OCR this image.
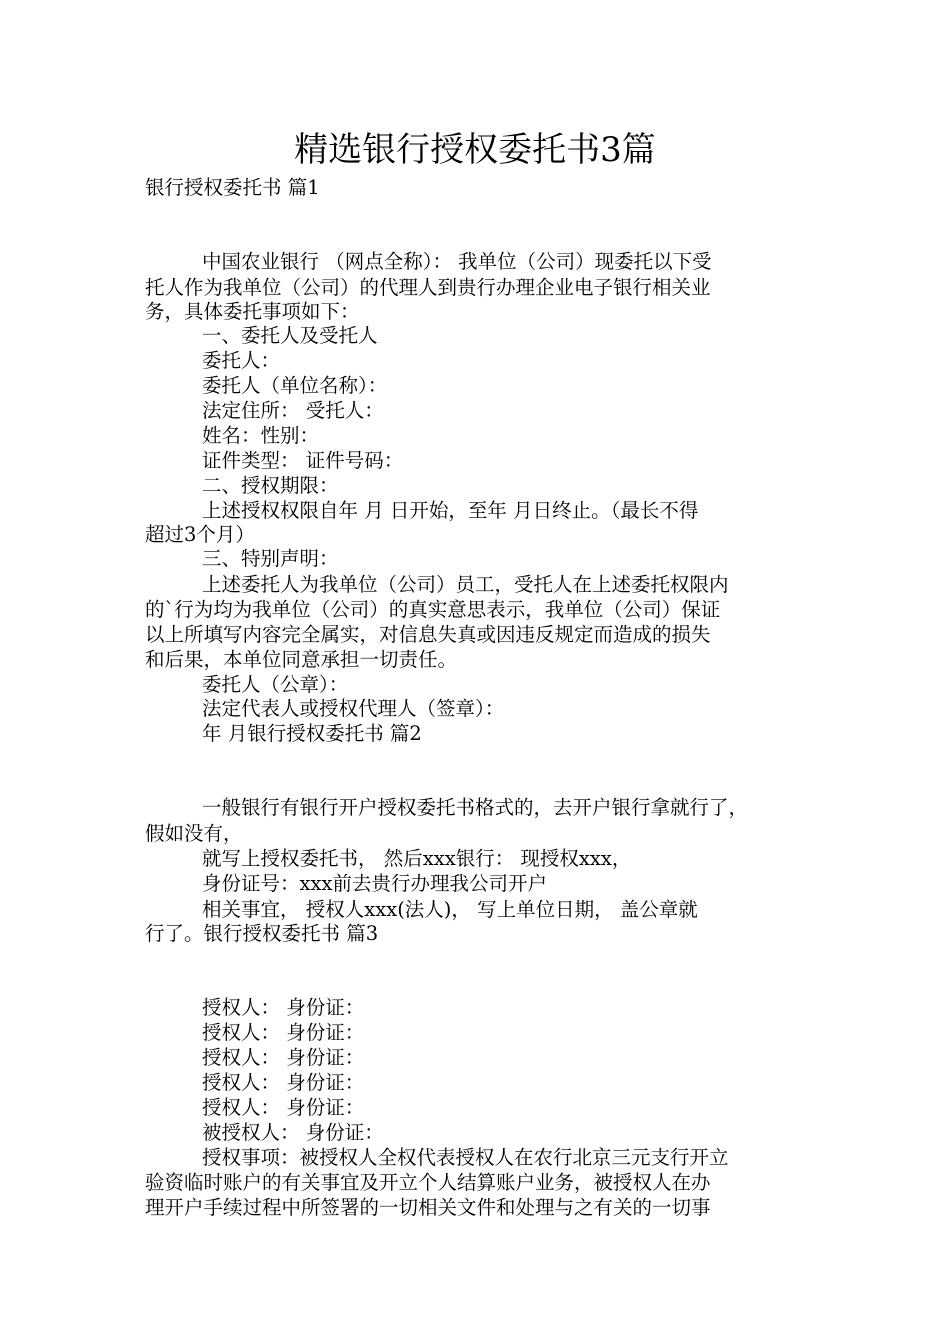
精选银行授权委托书3篇
银行授权委托书 篇1
中国农业银行 （网点全称）： 我单位（公司）现委托以下受
托人作为我单位（公司）的代理人到贵行办理企业电子银行相关业
务，具体委托事项如下：
一、委托人及受托人
委托人：
委托人（单位名称）：
法定住所： 受托人：
姓名：性别：
证件类型： 证件号码：
二、授权期限：
上述授权权限自年 月 日开始，至年 月日终止。（最长不得
超过3个月）
三、特别声明：
上述委托人为我单位（公司）员工，受托人在上述委托权限内
的`行为均为我单位（公司）的真实意思表示，我单位（公司）保证
以上所填写内容完全属实，对信息失真或因违反规定而造成的损失
和后果，本单位同意承担一切责任。
委托人（公章）：
法定代表人或授权代理人（签章）：
年 月银行授权委托书 篇2
一般银行有银行开户授权委托书格式的，去开户银行拿就行了，
假如没有，
就写上授权委托书， 然后xxx银行： 现授权xxx，
身份证号：xxx前去贵行办理我公司开户
相关事宜， 授权人xxx(法人)， 写上单位日期， 盖公章就
行了。银行授权委托书 篇3
授权人： 身份证：
授权人： 身份证：
授权人： 身份证：
授权人： 身份证：
授权人： 身份证：
被授权人： 身份证：
授权事项：被授权人全权代表授权人在农行北京三元支行开立
验资临时账户的有关事宜及开立个人结算账户业务，被授权人在办
理开户手续过程中所签署的一切相关文件和处理与之有关的一切事
